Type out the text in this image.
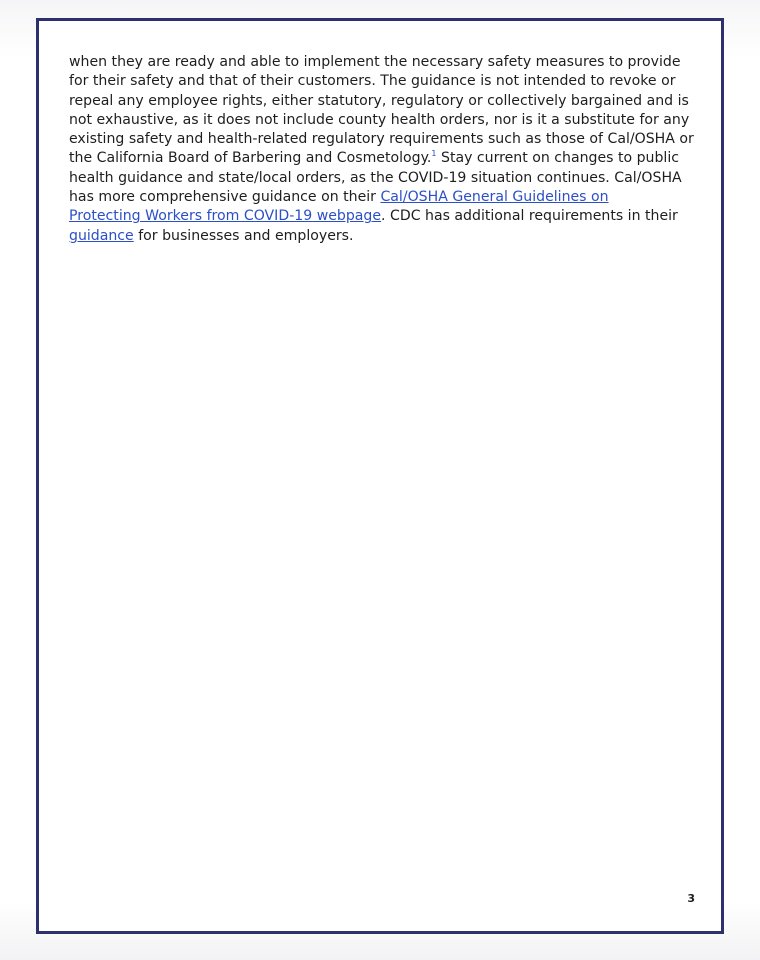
when they are ready and able to implement the necessary safety measures to provide
for their safety and that of their customers. The guidance is not intended to revoke or
repeal any employee rights, either statutory, regulatory or collectively bargained and is
not exhaustive, as it does not include county health orders, nor is it a substitute for any
existing safety and health-related regulatory requirements such as those of Cal/OSHA or
the California Board of Barbering and Cosmetology.$^1$ Stay current on changes to public
health guidance and state/local orders, as the COVID-19 situation continues. Cal/OSHA
has more comprehensive guidance on their Cal/OSHA General Guidelines on
Protecting Workers from COVID-19 webpage. CDC has additional requirements in their
guidance for businesses and employers.

3
